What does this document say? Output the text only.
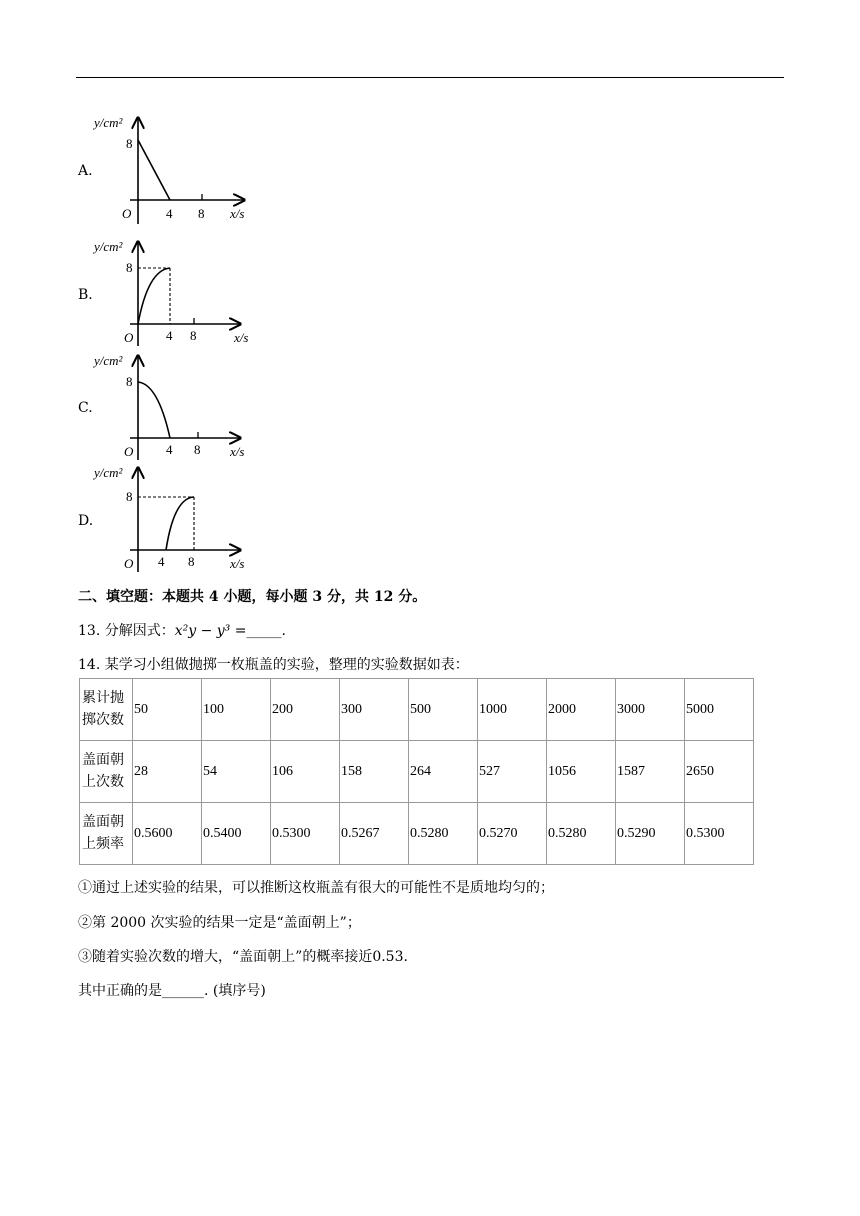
A.
y/cm²
8
O	4 8 x/s
B.
y/cm²
8
O	4 8	x/s
C.
y/cm²
8
O	4 8 x/s
D.
y/cm²
8
O 4 8	x/s
二、填空题：本题共 4 小题，每小题 3 分，共 12 分。
13. 分解因式：x²y − y³ =_____.
14. 某学习小组做抛掷一枚瓶盖的实验，整理的实验数据如表：
累计抛
掷次数	50	100	200	300	500	1000	2000	3000	5000
盖面朝
上次数	28	54	106	158	264	527	1056	1587	2650
盖面朝
上频率	0.5600	0.5400	0.5300	0.5267	0.5280	0.5270	0.5280	0.5290	0.5300
①通过上述实验的结果，可以推断这枚瓶盖有很大的可能性不是质地均匀的；
②第 2000 次实验的结果一定是“盖面朝上”；
③随着实验次数的增大，“盖面朝上”的概率接近0.53.
其中正确的是______. (填序号)
